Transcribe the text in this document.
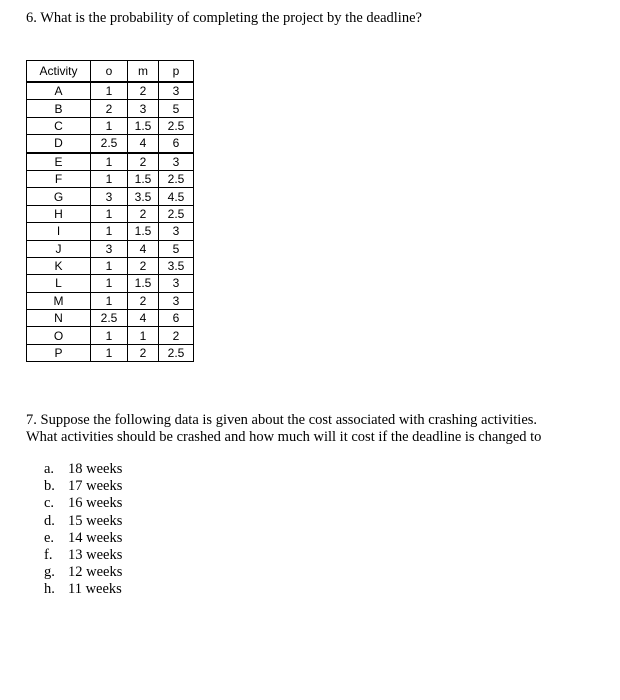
6. What is the probability of completing the project by the deadline?
Activity	o	m	p
A	1	2	3
B	2	3	5
C	1	1.5	2.5
D	2.5	4	6
E	1	2	3
F	1	1.5	2.5
G	3	3.5	4.5
H	1	2	2.5
I	1	1.5	3
J	3	4	5
K	1	2	3.5
L	1	1.5	3
M	1	2	3
N	2.5	4	6
O	1	1	2
P	1	2	2.5
7. Suppose the following data is given about the cost associated with crashing activities.
What activities should be crashed and how much will it cost if the deadline is changed to
a. 18 weeks
b. 17 weeks
c. 16 weeks
d. 15 weeks
e. 14 weeks
f. 13 weeks
g. 12 weeks
h. 11 weeks
